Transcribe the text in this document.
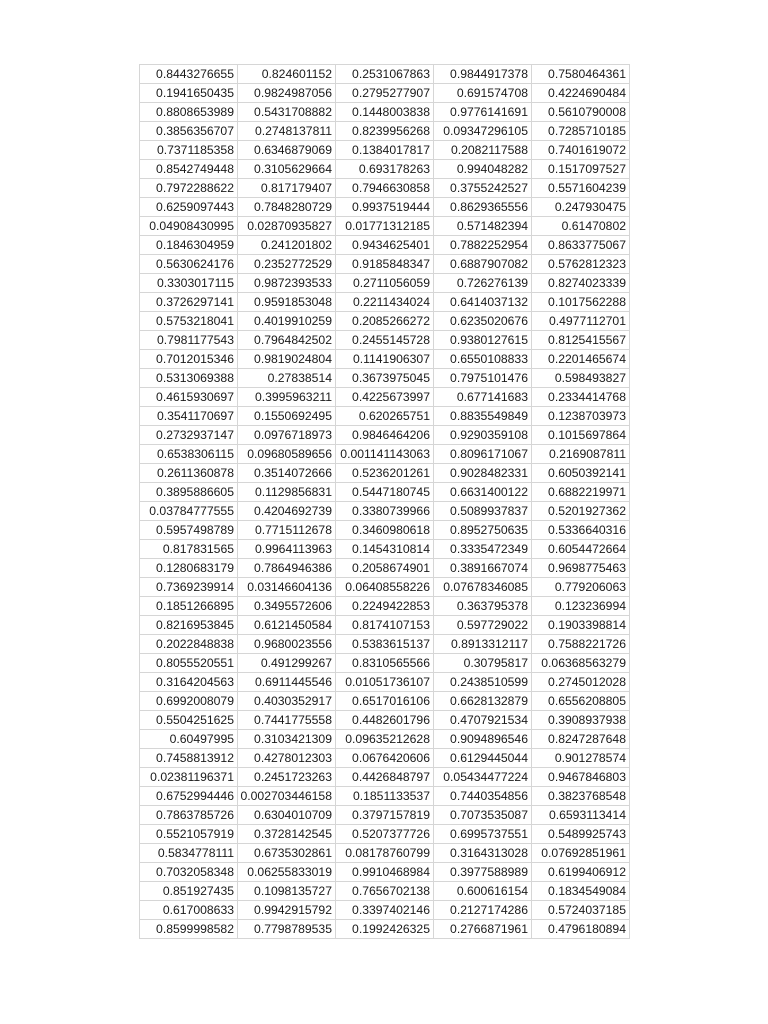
0.8443276655	0.824601152	0.2531067863	0.9844917378	0.7580464361
0.1941650435	0.9824987056	0.2795277907	0.691574708	0.4224690484
0.8808653989	0.5431708882	0.1448003838	0.9776141691	0.5610790008
0.3856356707	0.2748137811	0.8239956268	0.09347296105	0.7285710185
0.7371185358	0.6346879069	0.1384017817	0.2082117588	0.7401619072
0.8542749448	0.3105629664	0.693178263	0.994048282	0.1517097527
0.7972288622	0.817179407	0.7946630858	0.3755242527	0.5571604239
0.6259097443	0.7848280729	0.9937519444	0.8629365556	0.247930475
0.04908430995	0.02870935827	0.01771312185	0.571482394	0.61470802
0.1846304959	0.241201802	0.9434625401	0.7882252954	0.8633775067
0.5630624176	0.2352772529	0.9185848347	0.6887907082	0.5762812323
0.3303017115	0.9872393533	0.2711056059	0.726276139	0.8274023339
0.3726297141	0.9591853048	0.2211434024	0.6414037132	0.1017562288
0.5753218041	0.4019910259	0.2085266272	0.6235020676	0.4977112701
0.7981177543	0.7964842502	0.2455145728	0.9380127615	0.8125415567
0.7012015346	0.9819024804	0.1141906307	0.6550108833	0.2201465674
0.5313069388	0.27838514	0.3673975045	0.7975101476	0.598493827
0.4615930697	0.3995963211	0.4225673997	0.677141683	0.2334414768
0.3541170697	0.1550692495	0.620265751	0.8835549849	0.1238703973
0.2732937147	0.0976718973	0.9846464206	0.9290359108	0.1015697864
0.6538306115	0.09680589656	0.001141143063	0.8096171067	0.2169087811
0.2611360878	0.3514072666	0.5236201261	0.9028482331	0.6050392141
0.3895886605	0.1129856831	0.5447180745	0.6631400122	0.6882219971
0.03784777555	0.4204692739	0.3380739966	0.5089937837	0.5201927362
0.5957498789	0.7715112678	0.3460980618	0.8952750635	0.5336640316
0.817831565	0.9964113963	0.1454310814	0.3335472349	0.6054472664
0.1280683179	0.7864946386	0.2058674901	0.3891667074	0.9698775463
0.7369239914	0.03146604136	0.06408558226	0.07678346085	0.779206063
0.1851266895	0.3495572606	0.2249422853	0.363795378	0.123236994
0.8216953845	0.6121450584	0.8174107153	0.597729022	0.1903398814
0.2022848838	0.9680023556	0.5383615137	0.8913312117	0.7588221726
0.8055520551	0.491299267	0.8310565566	0.30795817	0.06368563279
0.3164204563	0.6911445546	0.01051736107	0.2438510599	0.2745012028
0.6992008079	0.4030352917	0.6517016106	0.6628132879	0.6556208805
0.5504251625	0.7441775558	0.4482601796	0.4707921534	0.3908937938
0.60497995	0.3103421309	0.09635212628	0.9094896546	0.8247287648
0.7458813912	0.4278012303	0.0676420606	0.6129445044	0.901278574
0.02381196371	0.2451723263	0.4426848797	0.05434477224	0.9467846803
0.6752994446	0.002703446158	0.1851133537	0.7440354856	0.3823768548
0.7863785726	0.6304010709	0.3797157819	0.7073535087	0.6593113414
0.5521057919	0.3728142545	0.5207377726	0.6995737551	0.5489925743
0.5834778111	0.6735302861	0.08178760799	0.3164313028	0.07692851961
0.7032058348	0.06255833019	0.9910468984	0.3977588989	0.6199406912
0.851927435	0.1098135727	0.7656702138	0.600616154	0.1834549084
0.617008633	0.9942915792	0.3397402146	0.2127174286	0.5724037185
0.8599998582	0.7798789535	0.1992426325	0.2766871961	0.4796180894
